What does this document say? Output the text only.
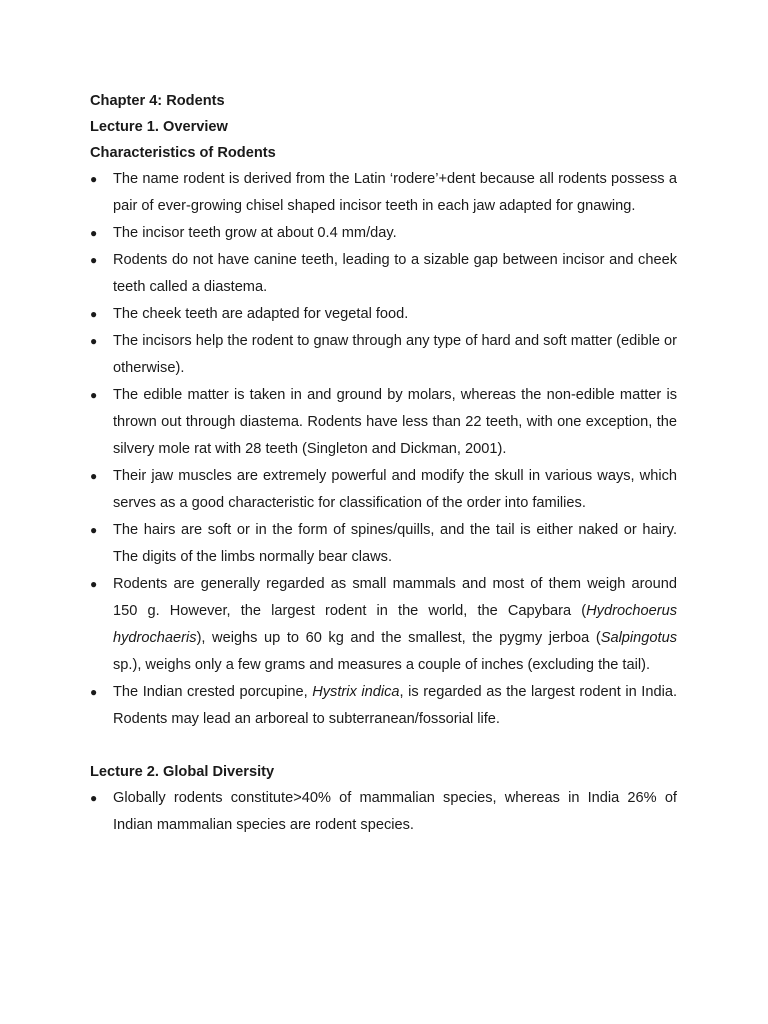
Chapter 4: Rodents

Lecture 1. Overview

Characteristics of Rodents

● The name rodent is derived from the Latin ‘rodere’+dent because all rodents possess a pair of ever-growing chisel shaped incisor teeth in each jaw adapted for gnawing.
● The incisor teeth grow at about 0.4 mm/day.
● Rodents do not have canine teeth, leading to a sizable gap between incisor and cheek teeth called a diastema.
● The cheek teeth are adapted for vegetal food.
● The incisors help the rodent to gnaw through any type of hard and soft matter (edible or otherwise).
● The edible matter is taken in and ground by molars, whereas the non-edible matter is thrown out through diastema. Rodents have less than 22 teeth, with one exception, the silvery mole rat with 28 teeth (Singleton and Dickman, 2001).
● Their jaw muscles are extremely powerful and modify the skull in various ways, which serves as a good characteristic for classification of the order into families.
● The hairs are soft or in the form of spines/quills, and the tail is either naked or hairy. The digits of the limbs normally bear claws.
● Rodents are generally regarded as small mammals and most of them weigh around 150 g. However, the largest rodent in the world, the Capybara (Hydrochoerus hydrochaeris), weighs up to 60 kg and the smallest, the pygmy jerboa (Salpingotus sp.), weighs only a few grams and measures a couple of inches (excluding the tail).
● The Indian crested porcupine, Hystrix indica, is regarded as the largest rodent in India. Rodents may lead an arboreal to subterranean/fossorial life.

Lecture 2. Global Diversity

● Globally rodents constitute>40% of mammalian species, whereas in India 26% of Indian mammalian species are rodent species.
